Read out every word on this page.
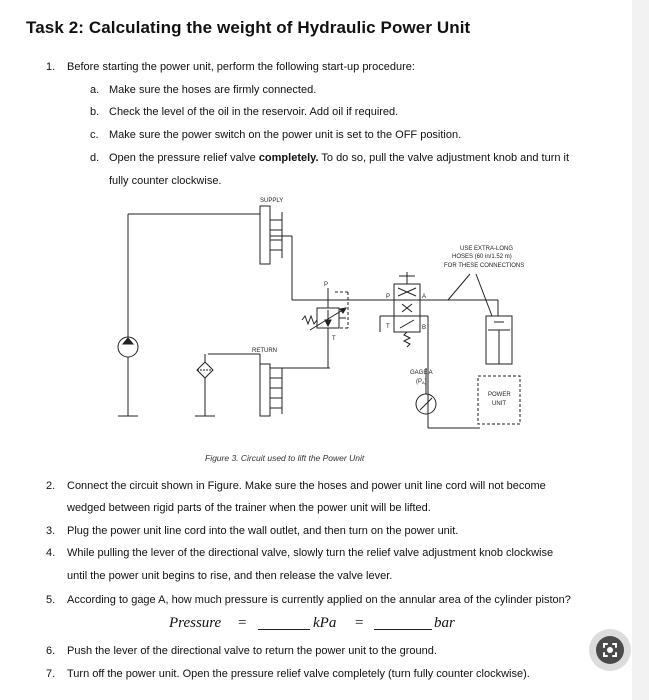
Task 2: Calculating the weight of Hydraulic Power Unit
1. Before starting the power unit, perform the following start-up procedure:
a. Make sure the hoses are firmly connected.
b. Check the level of the oil in the reservoir. Add oil if required.
c. Make sure the power switch on the power unit is set to the OFF position.
d. Open the pressure relief valve completely. To do so, pull the valve adjustment knob and turn it
fully counter clockwise.
SUPPLY
RETURN
USE EXTRA-LONG
HOSES (60 in/1.52 m)
FOR THESE CONNECTIONS
GAGE A
(PA)
POWER
UNIT
P
T
P
T
A
B
Figure 3. Circuit used to lift the Power Unit
2. Connect the circuit shown in Figure. Make sure the hoses and power unit line cord will not become
wedged between rigid parts of the trainer when the power unit will be lifted.
3. Plug the power unit line cord into the wall outlet, and then turn on the power unit.
4. While pulling the lever of the directional valve, slowly turn the relief valve adjustment knob clockwise
until the power unit begins to rise, and then release the valve lever.
5. According to gage A, how much pressure is currently applied on the annular area of the cylinder piston?
Pressure =	kPa =	bar
6. Push the lever of the directional valve to return the power unit to the ground.
7. Turn off the power unit. Open the pressure relief valve completely (turn fully counter clockwise).
